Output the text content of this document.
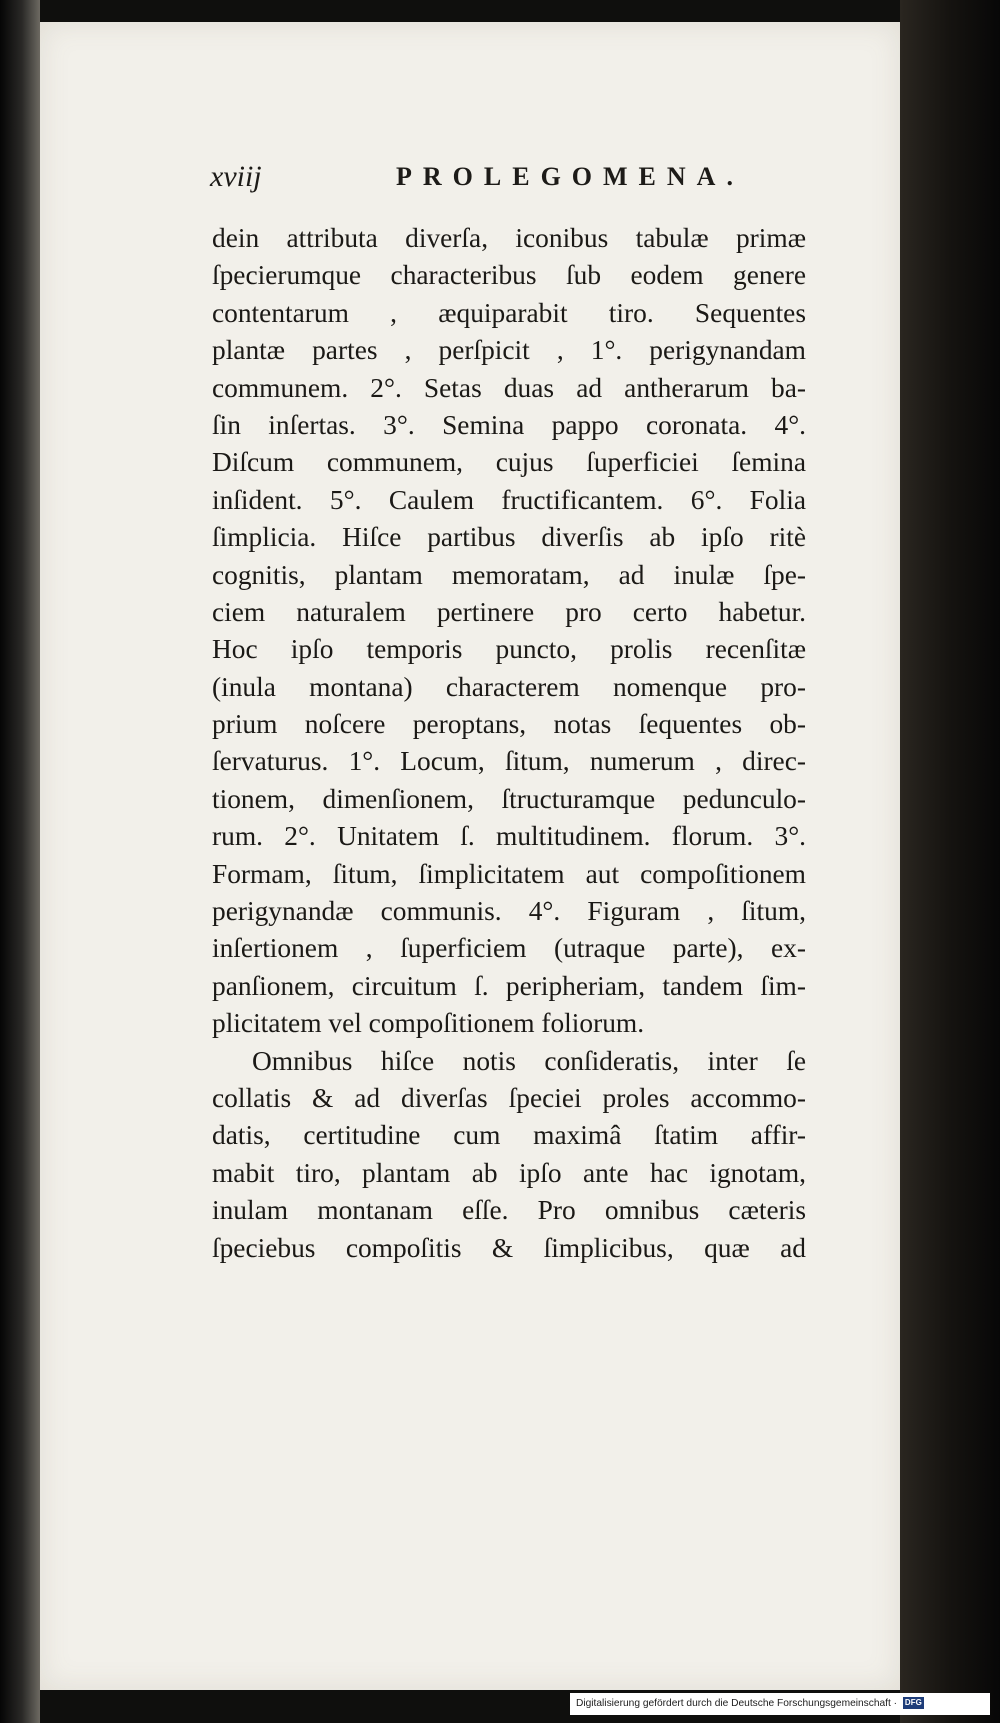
xviij	PROLEGOMENA.
dein attributa diverſa, iconibus tabulæ primæ
ſpecierumque characteribus ſub eodem genere
contentarum , æquiparabit tiro. Sequentes
plantæ partes , perſpicit , 1°. perigynandam
communem. 2°. Setas duas ad antherarum ba-
ſin inſertas. 3°. Semina pappo coronata. 4°.
Diſcum communem, cujus ſuperficiei ſemina
inſident. 5°. Caulem fructificantem. 6°. Folia
ſimplicia. Hiſce partibus diverſis ab ipſo ritè
cognitis, plantam memoratam, ad inulæ ſpe-
ciem naturalem pertinere pro certo habetur.
Hoc ipſo temporis puncto, prolis recenſitæ
(inula montana) characterem nomenque pro-
prium noſcere peroptans, notas ſequentes ob-
ſervaturus. 1°. Locum, ſitum, numerum , direc-
tionem, dimenſionem, ſtructuramque pedunculo-
rum. 2°. Unitatem ſ. multitudinem. florum. 3°.
Formam, ſitum, ſimplicitatem aut compoſitionem
perigynandæ communis. 4°. Figuram , ſitum,
inſertionem , ſuperficiem (utraque parte), ex-
panſionem, circuitum ſ. peripheriam, tandem ſim-
plicitatem vel compoſitionem foliorum.
Omnibus hiſce notis conſideratis, inter ſe
collatis & ad diverſas ſpeciei proles accommo-
datis, certitudine cum maximâ ſtatim affir-
mabit tiro, plantam ab ipſo ante hac ignotam,
inulam montanam eſſe. Pro omnibus cæteris
ſpeciebus compoſitis & ſimplicibus, quæ ad
Digitalisierung gefördert durch die Deutsche Forschungsgemeinschaft · DFG
